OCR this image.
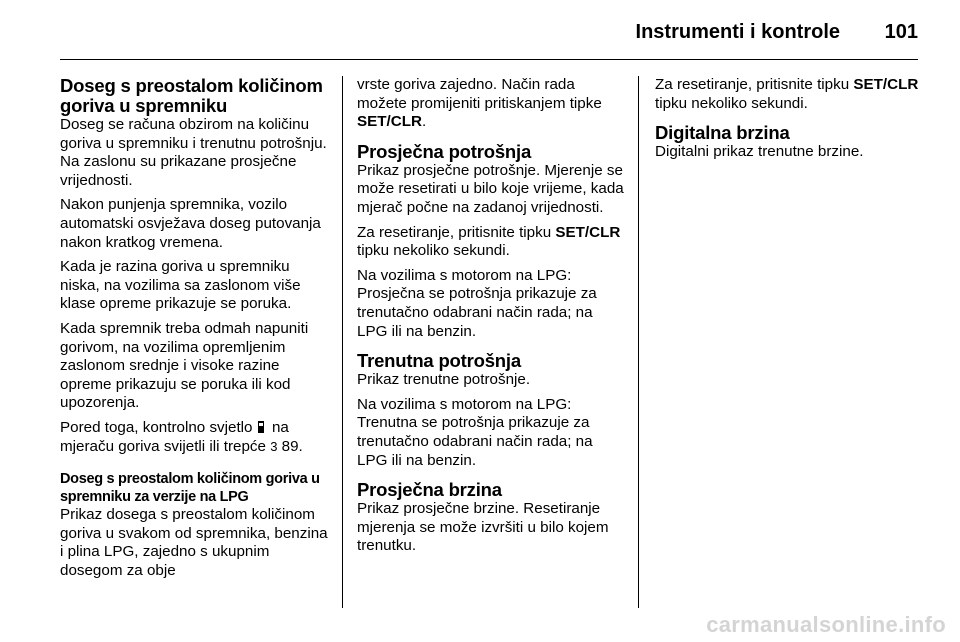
Instrumenti i kontrole 101
Doseg s preostalom količinom goriva u spremniku

Doseg se računa obzirom na količinu goriva u spremniku i trenutnu potrošnju. Na zaslonu su prikazane prosječne vrijednosti.

Nakon punjenja spremnika, vozilo automatski osvježava doseg putovanja nakon kratkog vremena.

Kada je razina goriva u spremniku niska, na vozilima sa zaslonom više klase opreme prikazuje se poruka.

Kada spremnik treba odmah napuniti gorivom, na vozilima opremljenim zaslonom srednje i visoke razine opreme prikazuju se poruka ili kod upozorenja.

Pored toga, kontrolno svjetlo na mjeraču goriva svijetli ili trepće 3 89.

Doseg s preostalom količinom goriva u spremniku za verzije na LPG

Prikaz dosega s preostalom količinom goriva u svakom od spremnika, benzina i plina LPG, zajedno s ukupnim dosegom za obje

vrste goriva zajedno. Način rada možete promijeniti pritiskanjem tipke SET/CLR.

Prosječna potrošnja

Prikaz prosječne potrošnje. Mjerenje se može resetirati u bilo koje vrijeme, kada mjerač počne na zadanoj vrijednosti.

Za resetiranje, pritisnite tipku SET/CLR tipku nekoliko sekundi.

Na vozilima s motorom na LPG: Prosječna se potrošnja prikazuje za trenutačno odabrani način rada; na LPG ili na benzin.

Trenutna potrošnja

Prikaz trenutne potrošnje.

Na vozilima s motorom na LPG: Trenutna se potrošnja prikazuje za trenutačno odabrani način rada; na LPG ili na benzin.

Prosječna brzina

Prikaz prosječne brzine. Resetiranje mjerenja se može izvršiti u bilo kojem trenutku.

Za resetiranje, pritisnite tipku SET/CLR tipku nekoliko sekundi.

Digitalna brzina

Digitalni prikaz trenutne brzine.

carmanualsonline.info
